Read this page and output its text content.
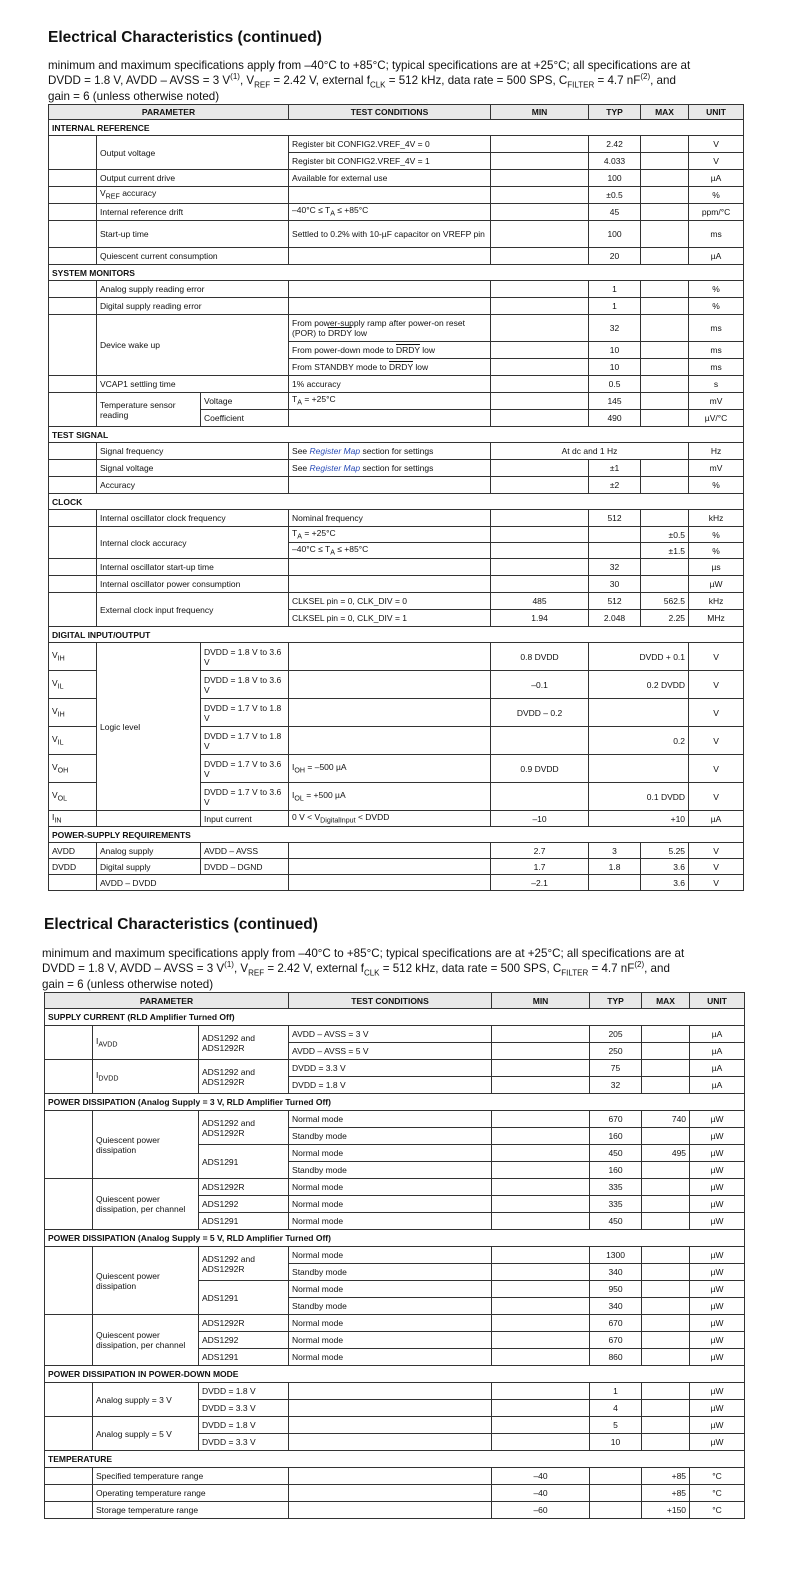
Electrical Characteristics (continued)
minimum and maximum specifications apply from –40°C to +85°C; typical specifications are at +25°C; all specifications are at
DVDD = 1.8 V, AVDD – AVSS = 3 $V^{(1)}$, $V_{REF} = 2.42$ V, external $f_{CLK} = 512$ kHz, data rate = 500 SPS, $C_{FILTER} = 4.7$ $nF^{(2)}$, and
gain = 6 (unless otherwise noted)
PARAMETER			TEST CONDITIONS	MIN	TYP	MAX	UNIT
INTERNAL REFERENCE							
	Output voltage		Register bit CONFIG2.VREF_4V = 0		2.42		V
			Register bit CONFIG2.VREF_4V = 1		4.033		V
	Output current drive		Available for external use		100		µA
	$V_{REF}$ accuracy				±0.5		%
	Internal reference drift		$-40^\circ C \le T_A \le +85^\circ C$		45		ppm/°C
	Start-up time		Settled to 0.2% with 10-µF capacitor on VREFP pin		100		ms
	Quiescent current consumption				20		µA
SYSTEM MONITORS							
	Analog supply reading error				1		%
	Digital supply reading error				1		%
	Device wake up		From power-supply ramp after power-on reset (POR) to DRDY low		32		ms
			From power-down mode to DRDY low		10		ms
			From STANDBY mode to DRDY low		10		ms
	VCAP1 settling time		1% accuracy		0.5		s
	Temperature sensor reading	Voltage	$T_A = +25^\circ C$		145		mV
		Coefficient			490		µV/°C
TEST SIGNAL							
	Signal frequency		See Register Map section for settings	At dc and 1 Hz			Hz
	Signal voltage		See Register Map section for settings		±1		mV
	Accuracy				±2		%
CLOCK							
	Internal oscillator clock frequency		Nominal frequency		512		kHz
	Internal clock accuracy		$T_A = +25^\circ C$			±0.5	%
			$-40^\circ C \le T_A \le +85^\circ C$			±1.5	%
	Internal oscillator start-up time				32		µs
	Internal oscillator power consumption				30		µW
	External clock input frequency		CLKSEL pin = 0, CLK_DIV = 0	485	512	562.5	kHz
			CLKSEL pin = 0, CLK_DIV = 1	1.94	2.048	2.25	MHz
DIGITAL INPUT/OUTPUT							
$V_{IH}$	Logic level	DVDD = 1.8 V to 3.6 V		0.8 DVDD	DVDD + 0.1		V
$V_{IL}$		DVDD = 1.8 V to 3.6 V		–0.1	0.2 DVDD		V
$V_{IH}$		DVDD = 1.7 V to 1.8 V		DVDD – 0.2			V
$V_{IL}$		DVDD = 1.7 V to 1.8 V			0.2		V
$V_{OH}$		DVDD = 1.7 V to 3.6 V	$I_{OH} = -500$ µA	0.9 DVDD			V
$V_{OL}$		DVDD = 1.7 V to 3.6 V	$I_{OL} = +500$ µA		0.1 DVDD		V
$I_{IN}$		Input current	0 $V < V_{DigitalInput}$ < DVDD	–10	+10		µA
POWER-SUPPLY REQUIREMENTS							
AVDD	Analog supply	AVDD – AVSS		2.7	3	5.25	V
DVDD	Digital supply	DVDD – DGND		1.7	1.8	3.6	V
	AVDD – DVDD			–2.1		3.6	V
Electrical Characteristics (continued)
minimum and maximum specifications apply from –40°C to +85°C; typical specifications are at +25°C; all specifications are at
DVDD = 1.8 V, AVDD – AVSS = 3 $V^{(1)}$, $V_{REF} = 2.42$ V, external $f_{CLK} = 512$ kHz, data rate = 500 SPS, $C_{FILTER} = 4.7$ $nF^{(2)}$, and
gain = 6 (unless otherwise noted)
PARAMETER			TEST CONDITIONS	MIN	TYP	MAX	UNIT
SUPPLY CURRENT (RLD Amplifier Turned Off)							
	$I_{AVDD}$	ADS1292 and ADS1292R	AVDD – AVSS = 3 V		205		µA
			AVDD – AVSS = 5 V		250		µA
	$I_{DVDD}$	ADS1292 and ADS1292R	DVDD = 3.3 V		75		µA
			DVDD = 1.8 V		32		µA
POWER DISSIPATION (Analog Supply = 3 V, RLD Amplifier Turned Off)							
	Quiescent power dissipation	ADS1292 and ADS1292R	Normal mode		670	740	µW
			Standby mode		160		µW
		ADS1291	Normal mode		450	495	µW
			Standby mode		160		µW
	Quiescent power dissipation, per channel	ADS1292R	Normal mode		335		µW
		ADS1292	Normal mode		335		µW
		ADS1291	Normal mode		450		µW
POWER DISSIPATION (Analog Supply = 5 V, RLD Amplifier Turned Off)							
	Quiescent power dissipation	ADS1292 and ADS1292R	Normal mode		1300		µW
			Standby mode		340		µW
		ADS1291	Normal mode		950		µW
			Standby mode		340		µW
	Quiescent power dissipation, per channel	ADS1292R	Normal mode		670		µW
		ADS1292	Normal mode		670		µW
		ADS1291	Normal mode		860		µW
POWER DISSIPATION IN POWER-DOWN MODE							
	Analog supply = 3 V	DVDD = 1.8 V			1		µW
		DVDD = 3.3 V			4		µW
	Analog supply = 5 V	DVDD = 1.8 V			5		µW
		DVDD = 3.3 V			10		µW
TEMPERATURE							
	Specified temperature range			–40		+85	°C
	Operating temperature range			–40		+85	°C
	Storage temperature range			–60		+150	°C
